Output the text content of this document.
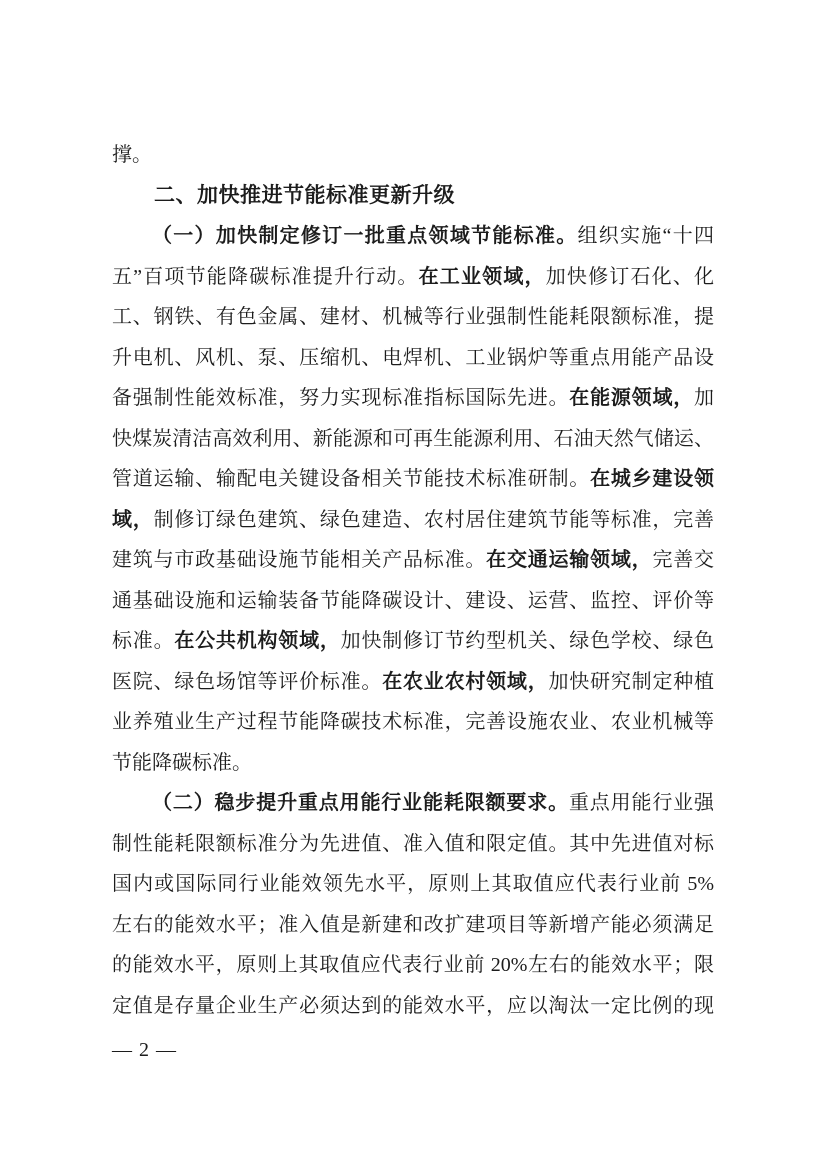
撑。
二、加快推进节能标准更新升级
（一）加快制定修订一批重点领域节能标准。组织实施“十四
五”百项节能降碳标准提升行动。在工业领域，加快修订石化、化
工、钢铁、有色金属、建材、机械等行业强制性能耗限额标准，提
升电机、风机、泵、压缩机、电焊机、工业锅炉等重点用能产品设
备强制性能效标准，努力实现标准指标国际先进。在能源领域，加
快煤炭清洁高效利用、新能源和可再生能源利用、石油天然气储运、
管道运输、输配电关键设备相关节能技术标准研制。在城乡建设领
域，制修订绿色建筑、绿色建造、农村居住建筑节能等标准，完善
建筑与市政基础设施节能相关产品标准。在交通运输领域，完善交
通基础设施和运输装备节能降碳设计、建设、运营、监控、评价等
标准。在公共机构领域，加快制修订节约型机关、绿色学校、绿色
医院、绿色场馆等评价标准。在农业农村领域，加快研究制定种植
业养殖业生产过程节能降碳技术标准，完善设施农业、农业机械等
节能降碳标准。
（二）稳步提升重点用能行业能耗限额要求。重点用能行业强
制性能耗限额标准分为先进值、准入值和限定值。其中先进值对标
国内或国际同行业能效领先水平，原则上其取值应代表行业前 5%
左右的能效水平；准入值是新建和改扩建项目等新增产能必须满足
的能效水平，原则上其取值应代表行业前 20%左右的能效水平；限
定值是存量企业生产必须达到的能效水平，应以淘汰一定比例的现
— 2 —
